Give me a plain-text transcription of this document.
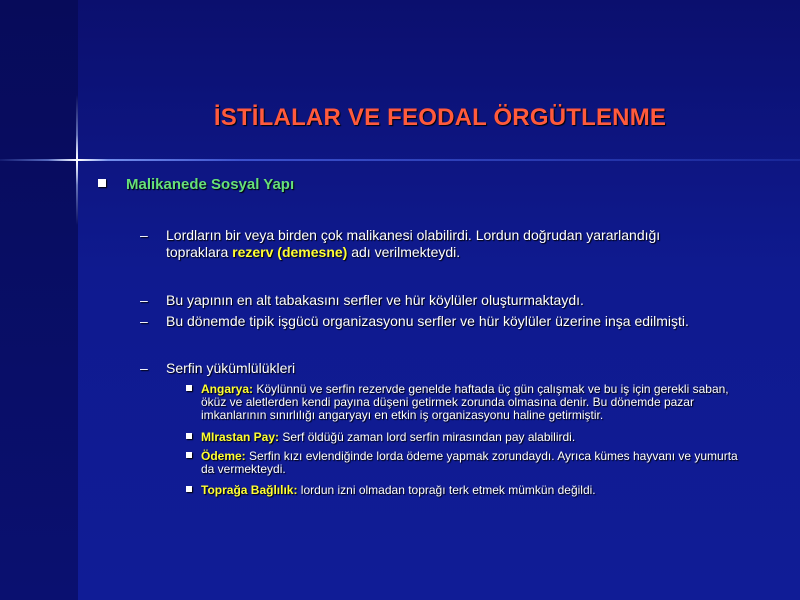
İSTİLALAR VE FEODAL ÖRGÜTLENME
Malikanede Sosyal Yapı
– Lordların bir veya birden çok malikanesi olabilirdi. Lordun doğrudan yararlandığı topraklara rezerv (demesne) adı verilmekteydi.
– Bu yapının en alt tabakasını serfler ve hür köylüler oluşturmaktaydı.
– Bu dönemde tipik işgücü organizasyonu serfler ve hür köylüler üzerine inşa edilmişti.
– Serfin yükümlülükleri
Angarya: Köylünnü ve serfin rezervde genelde haftada üç gün çalışmak ve bu iş için gerekli saban, öküz ve aletlerden kendi payına düşeni getirmek zorunda olmasına denir. Bu dönemde pazar imkanlarının sınırlılığı angaryayı en etkin iş organizasyonu haline getirmiştir.
MIrastan Pay: Serf öldüğü zaman lord serfin mirasından pay alabilirdi.
Ödeme: Serfin kızı evlendiğinde lorda ödeme yapmak zorundaydı. Ayrıca kümes hayvanı ve yumurta da vermekteydi.
Toprağa Bağlılık: lordun izni olmadan toprağı terk etmek mümkün değildi.
